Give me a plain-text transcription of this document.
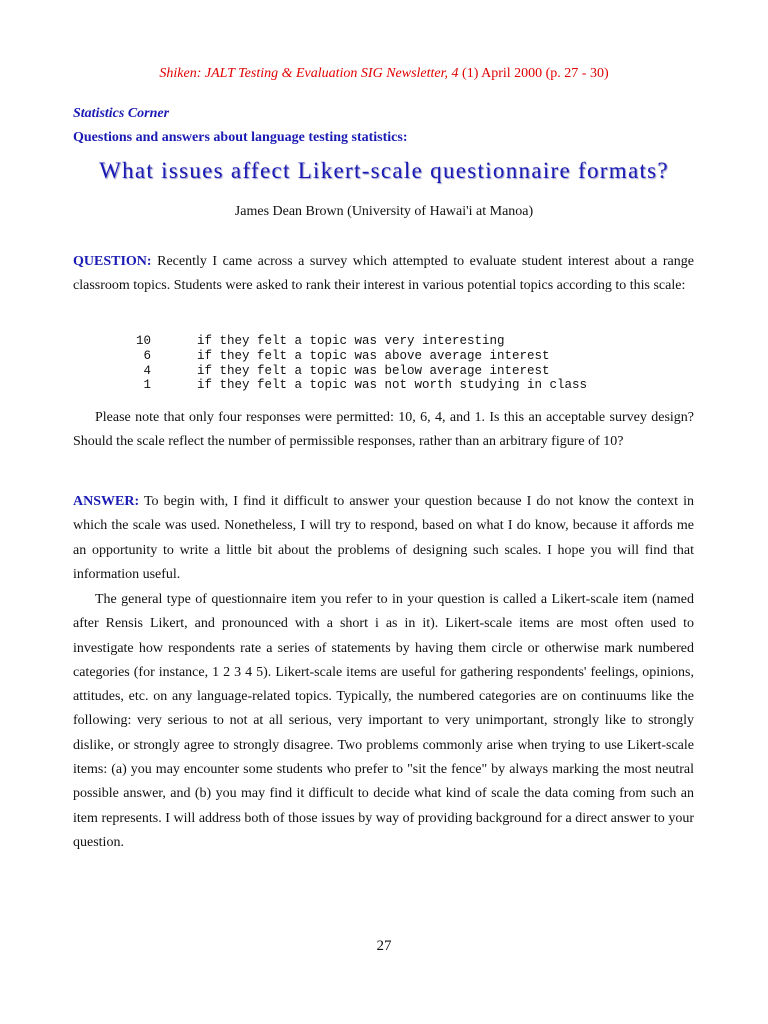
Shiken: JALT Testing & Evaluation SIG Newsletter, 4 (1) April 2000 (p. 27 - 30)
Statistics Corner
Questions and answers about language testing statistics:
What issues affect Likert-scale questionnaire formats?
James Dean Brown (University of Hawai'i at Manoa)
QUESTION: Recently I came across a survey which attempted to evaluate student interest about a range classroom topics. Students were asked to rank their interest in various potential topics according to this scale:
10	if they felt a topic was very interesting
6	if they felt a topic was above average interest
4	if they felt a topic was below average interest
1	if they felt a topic was not worth studying in class
Please note that only four responses were permitted: 10, 6, 4, and 1. Is this an acceptable survey design? Should the scale reflect the number of permissible responses, rather than an arbitrary figure of 10?
ANSWER: To begin with, I find it difficult to answer your question because I do not know the context in which the scale was used. Nonetheless, I will try to respond, based on what I do know, because it affords me an opportunity to write a little bit about the problems of designing such scales. I hope you will find that information useful.
The general type of questionnaire item you refer to in your question is called a Likert-scale item (named after Rensis Likert, and pronounced with a short i as in it). Likert-scale items are most often used to investigate how respondents rate a series of statements by having them circle or otherwise mark numbered categories (for instance, 1 2 3 4 5). Likert-scale items are useful for gathering respondents' feelings, opinions, attitudes, etc. on any language-related topics. Typically, the numbered categories are on continuums like the following: very serious to not at all serious, very important to very unimportant, strongly like to strongly dislike, or strongly agree to strongly disagree. Two problems commonly arise when trying to use Likert-scale items: (a) you may encounter some students who prefer to "sit the fence" by always marking the most neutral possible answer, and (b) you may find it difficult to decide what kind of scale the data coming from such an item represents. I will address both of those issues by way of providing background for a direct answer to your question.
27
